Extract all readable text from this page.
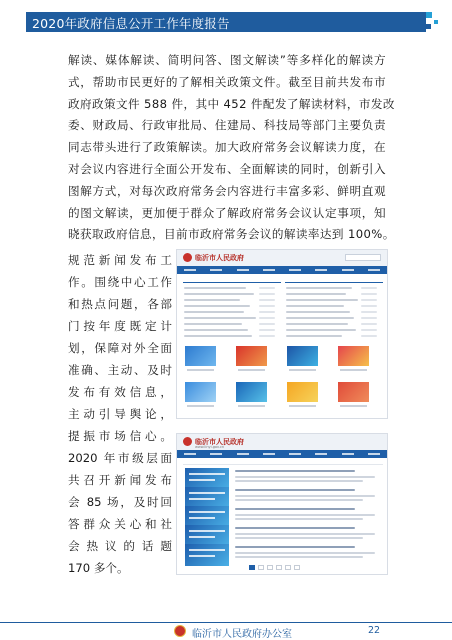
2020年政府信息公开工作年度报告

解读、媒体解读、简明问答、图文解读”等多样化的解读方

式，帮助市民更好的了解相关政策文件。截至目前共发布市

政府政策文件 588 件，其中 452 件配发了解读材料，市发改

委、财政局、行政审批局、住建局、科技局等部门主要负责

同志带头进行了政策解读。加大政府常务会议解读力度，在

对会议内容进行全面公开发布、全面解读的同时，创新引入

图解方式，对每次政府常务会内容进行丰富多彩、鲜明直观

的图文解读，更加便于群众了解政府常务会议认定事项，知

晓获取政府信息，目前市政府常务会议的解读率达到 100%。

规范新闻发布工

作。围绕中心工作

和热点问题，各部

门按年度既定计

划，保障对外全面

准确、主动、及时

发布有效信息，

主动引导舆论，

提振市场信心。

2020 年市级层面

共召开新闻发布

会 85 场，及时回

答群众关心和社

会热议的话题

170 多个。

临沂市人民政府
临沂市人民政府
www.linyi.gov.cn
临沂市人民政府办公室	22
